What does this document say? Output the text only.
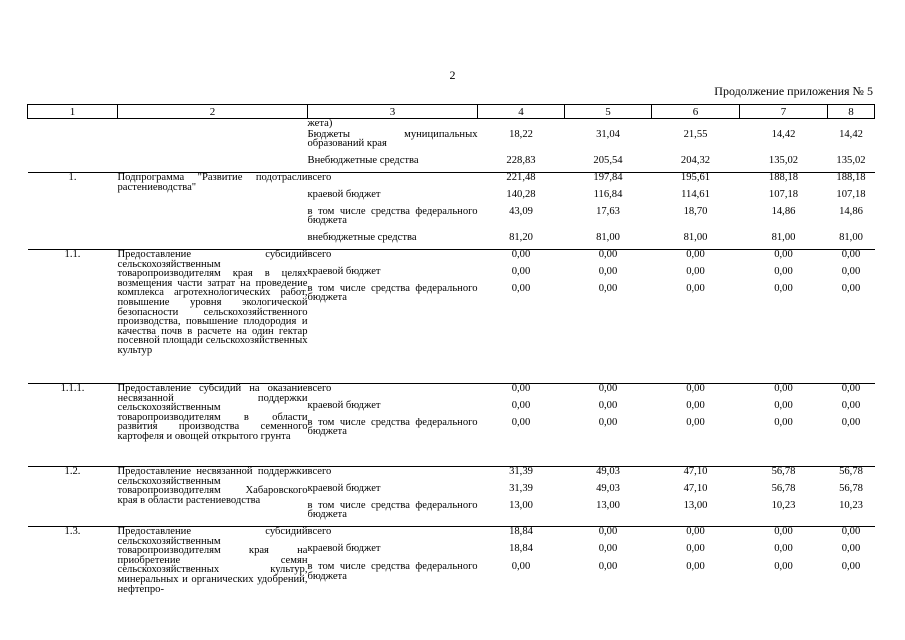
2
Продолжение приложения № 5
1	2	3	4	5	6	7	8
		жета)					
		Бюджеты муниципальных образований края	18,22	31,04	21,55	14,42	14,42
		Внебюджетные средства	228,83	205,54	204,32	135,02	135,02
1.	Подпрограмма "Развитие подотрасли растениеводства"	всего	221,48	197,84	195,61	188,18	188,18
		краевой бюджет	140,28	116,84	114,61	107,18	107,18
		в том числе средства федерального бюджета	43,09	17,63	18,70	14,86	14,86
		внебюджетные средства	81,20	81,00	81,00	81,00	81,00
1.1.	Предоставление субсидий сельскохозяйственным товаропроизводителям края в целях возмещения части затрат на проведение комплекса агротехнологических работ, повышение уровня экологической безопасности сельскохозяйственного производства, повышение плодородия и качества почв в расчете на один гектар посевной площади сельскохозяйственных культур	всего	0,00	0,00	0,00	0,00	0,00
		краевой бюджет	0,00	0,00	0,00	0,00	0,00
		в том числе средства федерального бюджета	0,00	0,00	0,00	0,00	0,00
1.1.1.	Предоставление субсидий на оказание несвязанной поддержки сельскохозяйственным товаропроизводителям в области развития производства семенного картофеля и овощей открытого грунта	всего	0,00	0,00	0,00	0,00	0,00
		краевой бюджет	0,00	0,00	0,00	0,00	0,00
		в том числе средства федерального бюджета	0,00	0,00	0,00	0,00	0,00
1.2.	Предоставление несвязанной поддержки сельскохозяйственным товаропроизводителям Хабаровского края в области растениеводства	всего	31,39	49,03	47,10	56,78	56,78
		краевой бюджет	31,39	49,03	47,10	56,78	56,78
		в том числе средства федерального бюджета	13,00	13,00	13,00	10,23	10,23
1.3.	Предоставление субсидий сельскохозяйственным товаропроизводителям края на приобретение семян сельскохозяйственных культур, минеральных и органических удобрений, нефтепро-	всего	18,84	0,00	0,00	0,00	0,00
		краевой бюджет	18,84	0,00	0,00	0,00	0,00
		в том числе средства федерального бюджета	0,00	0,00	0,00	0,00	0,00
